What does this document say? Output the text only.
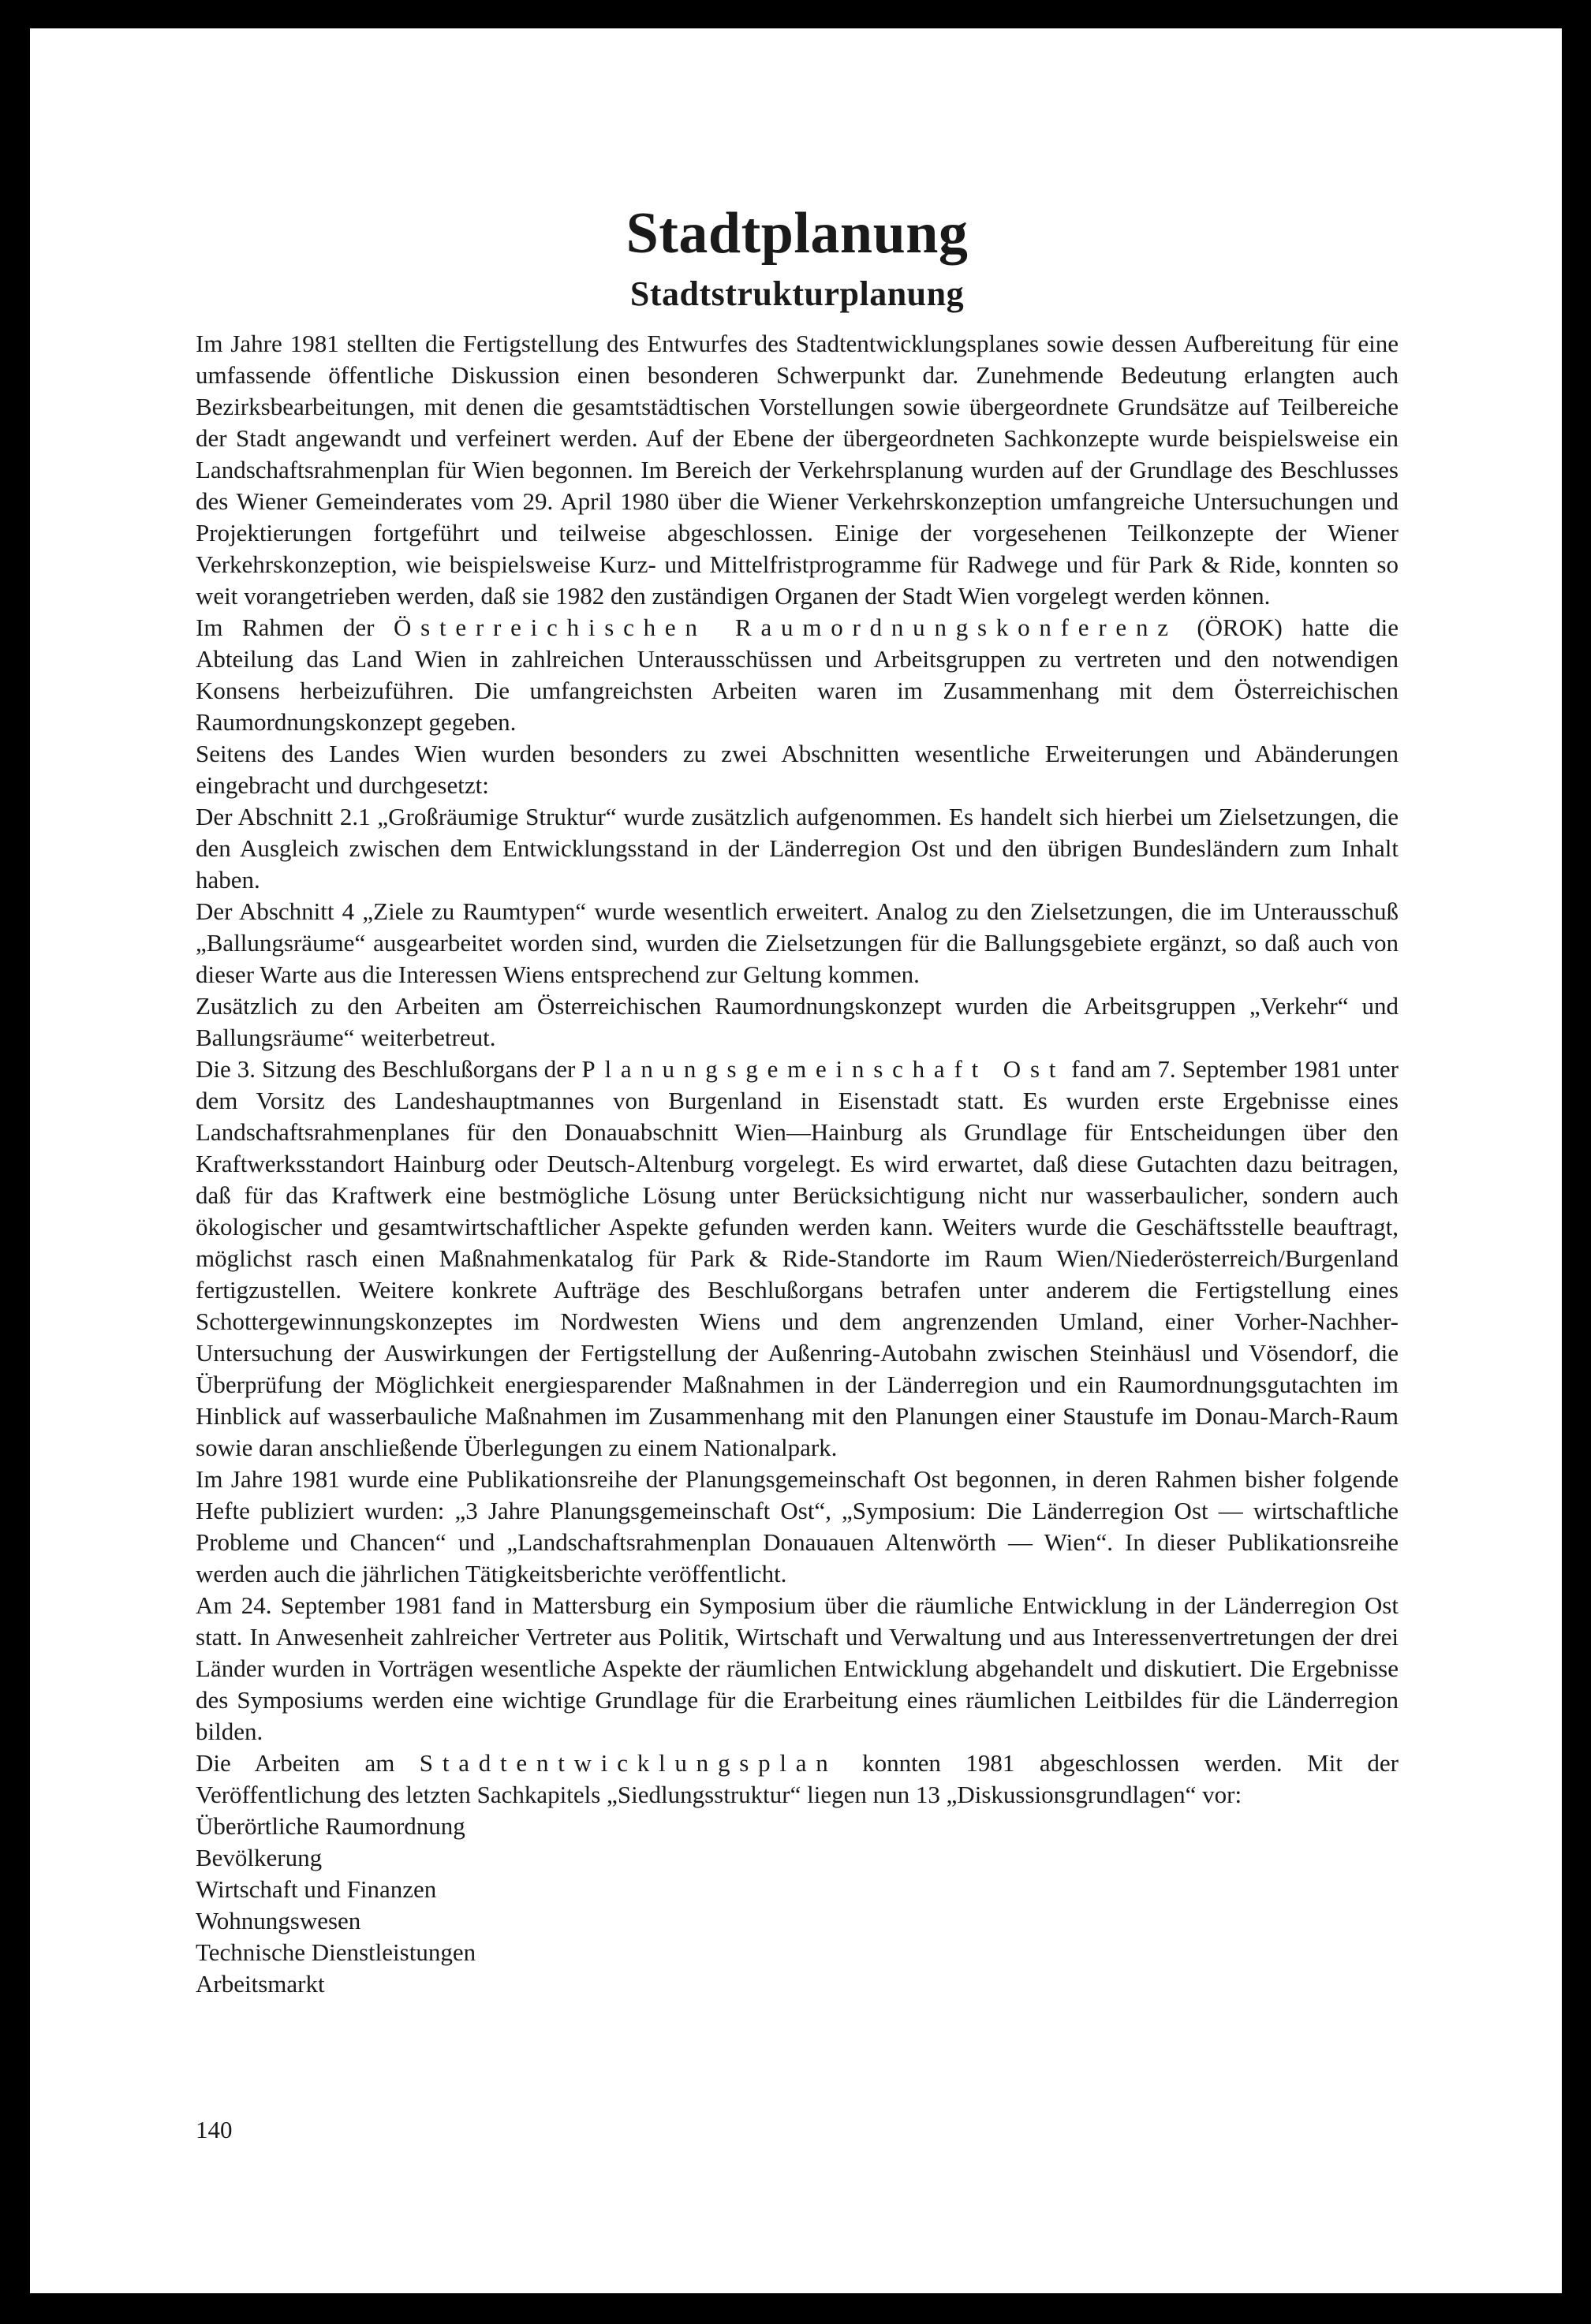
Stadtplanung
Stadtstrukturplanung

Im Jahre 1981 stellten die Fertigstellung des Entwurfes des Stadtentwicklungsplanes sowie dessen Aufbereitung für eine umfassende öffentliche Diskussion einen besonderen Schwerpunkt dar. Zunehmende Bedeutung erlangten auch Bezirksbearbeitungen, mit denen die gesamtstädtischen Vorstellungen sowie übergeordnete Grundsätze auf Teilbereiche der Stadt angewandt und verfeinert werden. Auf der Ebene der übergeordneten Sachkonzepte wurde beispielsweise ein Landschaftsrahmenplan für Wien begonnen. Im Bereich der Verkehrsplanung wurden auf der Grundlage des Beschlusses des Wiener Gemeinderates vom 29. April 1980 über die Wiener Verkehrskonzeption umfangreiche Untersuchungen und Projektierungen fortgeführt und teilweise abgeschlossen. Einige der vorgesehenen Teilkonzepte der Wiener Verkehrskonzeption, wie beispielsweise Kurz- und Mittelfristprogramme für Radwege und für Park & Ride, konnten so weit vorangetrieben werden, daß sie 1982 den zuständigen Organen der Stadt Wien vorgelegt werden können.

Im Rahmen der Österreichischen Raumordnungskonferenz (ÖROK) hatte die Abteilung das Land Wien in zahlreichen Unterausschüssen und Arbeitsgruppen zu vertreten und den notwendigen Konsens herbeizuführen. Die umfangreichsten Arbeiten waren im Zusammenhang mit dem Österreichischen Raumordnungskonzept gegeben.

Seitens des Landes Wien wurden besonders zu zwei Abschnitten wesentliche Erweiterungen und Abänderungen eingebracht und durchgesetzt:

Der Abschnitt 2.1 „Großräumige Struktur“ wurde zusätzlich aufgenommen. Es handelt sich hierbei um Zielsetzungen, die den Ausgleich zwischen dem Entwicklungsstand in der Länderregion Ost und den übrigen Bundesländern zum Inhalt haben.

Der Abschnitt 4 „Ziele zu Raumtypen“ wurde wesentlich erweitert. Analog zu den Zielsetzungen, die im Unterausschuß „Ballungsräume“ ausgearbeitet worden sind, wurden die Zielsetzungen für die Ballungsgebiete ergänzt, so daß auch von dieser Warte aus die Interessen Wiens entsprechend zur Geltung kommen.

Zusätzlich zu den Arbeiten am Österreichischen Raumordnungskonzept wurden die Arbeitsgruppen „Verkehr“ und Ballungsräume“ weiterbetreut.

Die 3. Sitzung des Beschlußorgans der Planungsgemeinschaft Ost fand am 7. September 1981 unter dem Vorsitz des Landeshauptmannes von Burgenland in Eisenstadt statt. Es wurden erste Ergebnisse eines Landschaftsrahmenplanes für den Donauabschnitt Wien—Hainburg als Grundlage für Entscheidungen über den Kraftwerksstandort Hainburg oder Deutsch-Altenburg vorgelegt. Es wird erwartet, daß diese Gutachten dazu beitragen, daß für das Kraftwerk eine bestmögliche Lösung unter Berücksichtigung nicht nur wasserbaulicher, sondern auch ökologischer und gesamtwirtschaftlicher Aspekte gefunden werden kann. Weiters wurde die Geschäftsstelle beauftragt, möglichst rasch einen Maßnahmenkatalog für Park & Ride-Standorte im Raum Wien/Niederösterreich/Burgenland fertigzustellen. Weitere konkrete Aufträge des Beschlußorgans betrafen unter anderem die Fertigstellung eines Schottergewinnungskonzeptes im Nordwesten Wiens und dem angrenzenden Umland, einer Vorher-Nachher-Untersuchung der Auswirkungen der Fertigstellung der Außenring-Autobahn zwischen Steinhäusl und Vösendorf, die Überprüfung der Möglichkeit energiesparender Maßnahmen in der Länderregion und ein Raumordnungsgutachten im Hinblick auf wasserbauliche Maßnahmen im Zusammenhang mit den Planungen einer Staustufe im Donau-March-Raum sowie daran anschließende Überlegungen zu einem Nationalpark.

Im Jahre 1981 wurde eine Publikationsreihe der Planungsgemeinschaft Ost begonnen, in deren Rahmen bisher folgende Hefte publiziert wurden: „3 Jahre Planungsgemeinschaft Ost“, „Symposium: Die Länderregion Ost — wirtschaftliche Probleme und Chancen“ und „Landschaftsrahmenplan Donauauen Altenwörth — Wien“. In dieser Publikationsreihe werden auch die jährlichen Tätigkeitsberichte veröffentlicht.

Am 24. September 1981 fand in Mattersburg ein Symposium über die räumliche Entwicklung in der Länderregion Ost statt. In Anwesenheit zahlreicher Vertreter aus Politik, Wirtschaft und Verwaltung und aus Interessenvertretungen der drei Länder wurden in Vorträgen wesentliche Aspekte der räumlichen Entwicklung abgehandelt und diskutiert. Die Ergebnisse des Symposiums werden eine wichtige Grundlage für die Erarbeitung eines räumlichen Leitbildes für die Länderregion bilden.

Die Arbeiten am Stadtentwicklungsplan konnten 1981 abgeschlossen werden. Mit der Veröffentlichung des letzten Sachkapitels „Siedlungsstruktur“ liegen nun 13 „Diskussionsgrundlagen“ vor:

Überörtliche Raumordnung
Bevölkerung
Wirtschaft und Finanzen
Wohnungswesen
Technische Dienstleistungen
Arbeitsmarkt
140
